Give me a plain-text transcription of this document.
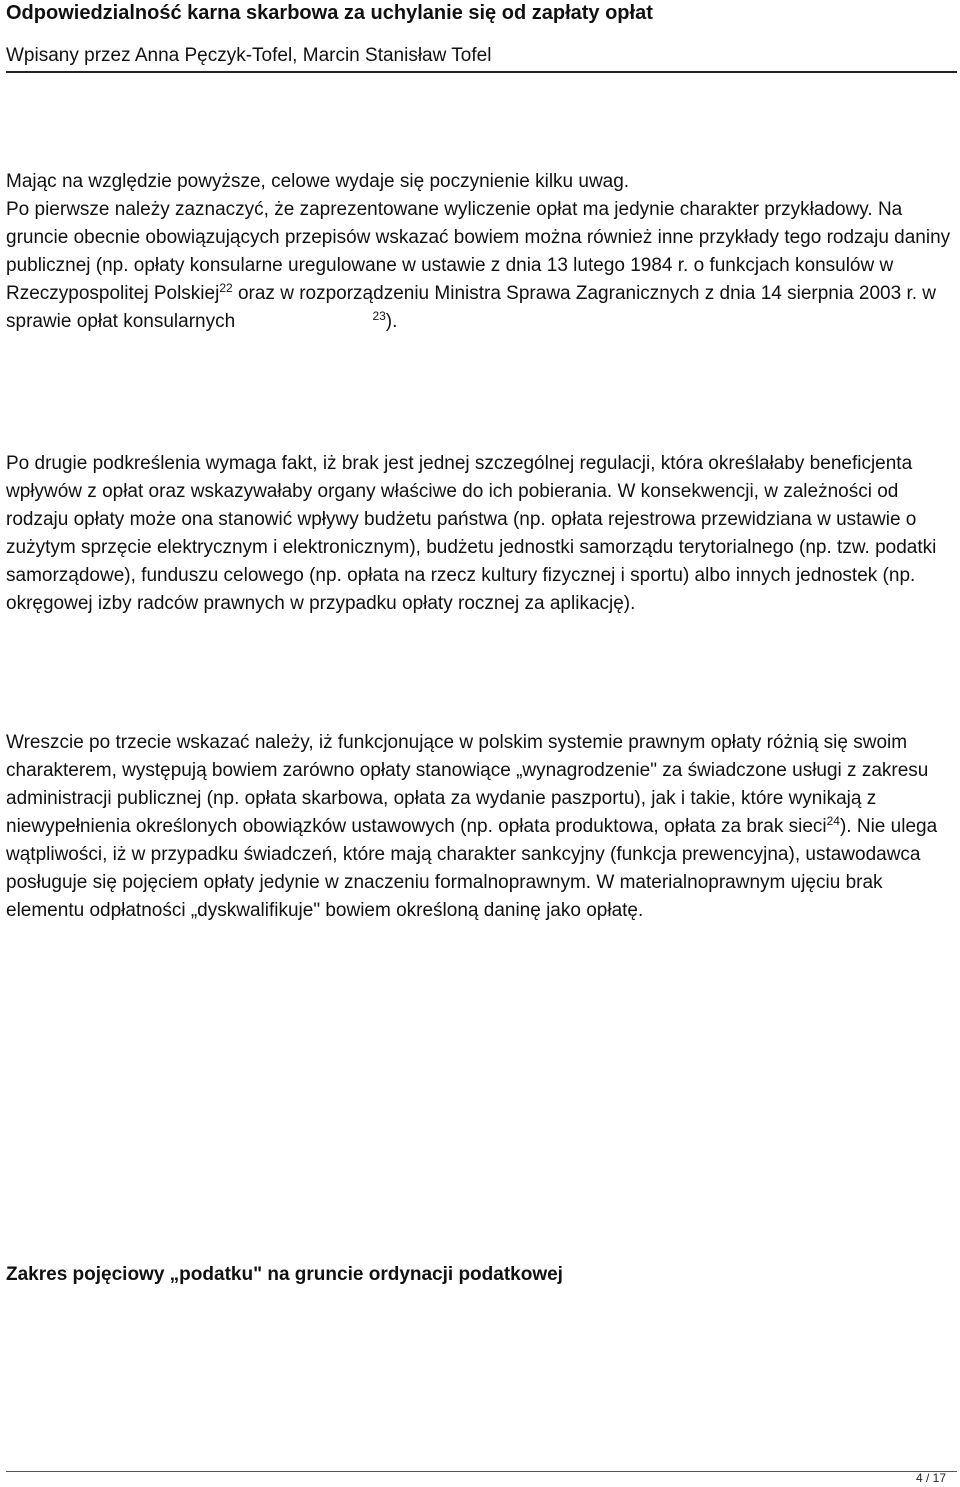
Odpowiedzialność karna skarbowa za uchylanie się od zapłaty opłat
Wpisany przez Anna Pęczyk-Tofel, Marcin Stanisław Tofel

Mając na względzie powyższe, celowe wydaje się poczynienie kilku uwag.

Po pierwsze należy zaznaczyć, że zaprezentowane wyliczenie opłat ma jedynie charakter przykładowy. Na gruncie obecnie obowiązujących przepisów wskazać bowiem można również inne przykłady tego rodzaju daniny publicznej (np. opłaty konsularne uregulowane w ustawie z dnia 13 lutego 1984 r. o funkcjach konsulów w Rzeczypospolitej Polskiej$^{22}$ oraz w rozporządzeniu Ministra Sprawa Zagranicznych z dnia 14 sierpnia 2003 r. w sprawie opłat konsularnych	$^{23}$).

Po drugie podkreślenia wymaga fakt, iż brak jest jednej szczególnej regulacji, która określałaby beneficjenta wpływów z opłat oraz wskazywałaby organy właściwe do ich pobierania. W konsekwencji, w zależności od rodzaju opłaty może ona stanowić wpływy budżetu państwa (np. opłata rejestrowa przewidziana w ustawie o zużytym sprzęcie elektrycznym i elektronicznym), budżetu jednostki samorządu terytorialnego (np. tzw. podatki samorządowe), funduszu celowego (np. opłata na rzecz kultury fizycznej i sportu) albo innych jednostek (np. okręgowej izby radców prawnych w przypadku opłaty rocznej za aplikację).

Wreszcie po trzecie wskazać należy, iż funkcjonujące w polskim systemie prawnym opłaty różnią się swoim charakterem, występują bowiem zarówno opłaty stanowiące „wynagrodzenie" za świadczone usługi z zakresu administracji publicznej (np. opłata skarbowa, opłata za wydanie paszportu), jak i takie, które wynikają z niewypełnienia określonych obowiązków ustawowych (np. opłata produktowa, opłata za brak sieci$^{24}$). Nie ulega wątpliwości, iż w przypadku świadczeń, które mają charakter sankcyjny (funkcja prewencyjna), ustawodawca posługuje się pojęciem opłaty jedynie w znaczeniu formalnoprawnym. W materialnoprawnym ujęciu brak elementu odpłatności „dyskwalifikuje" bowiem określoną daninę jako opłatę.

Zakres pojęciowy „podatku" na gruncie ordynacji podatkowej
4 / 17
